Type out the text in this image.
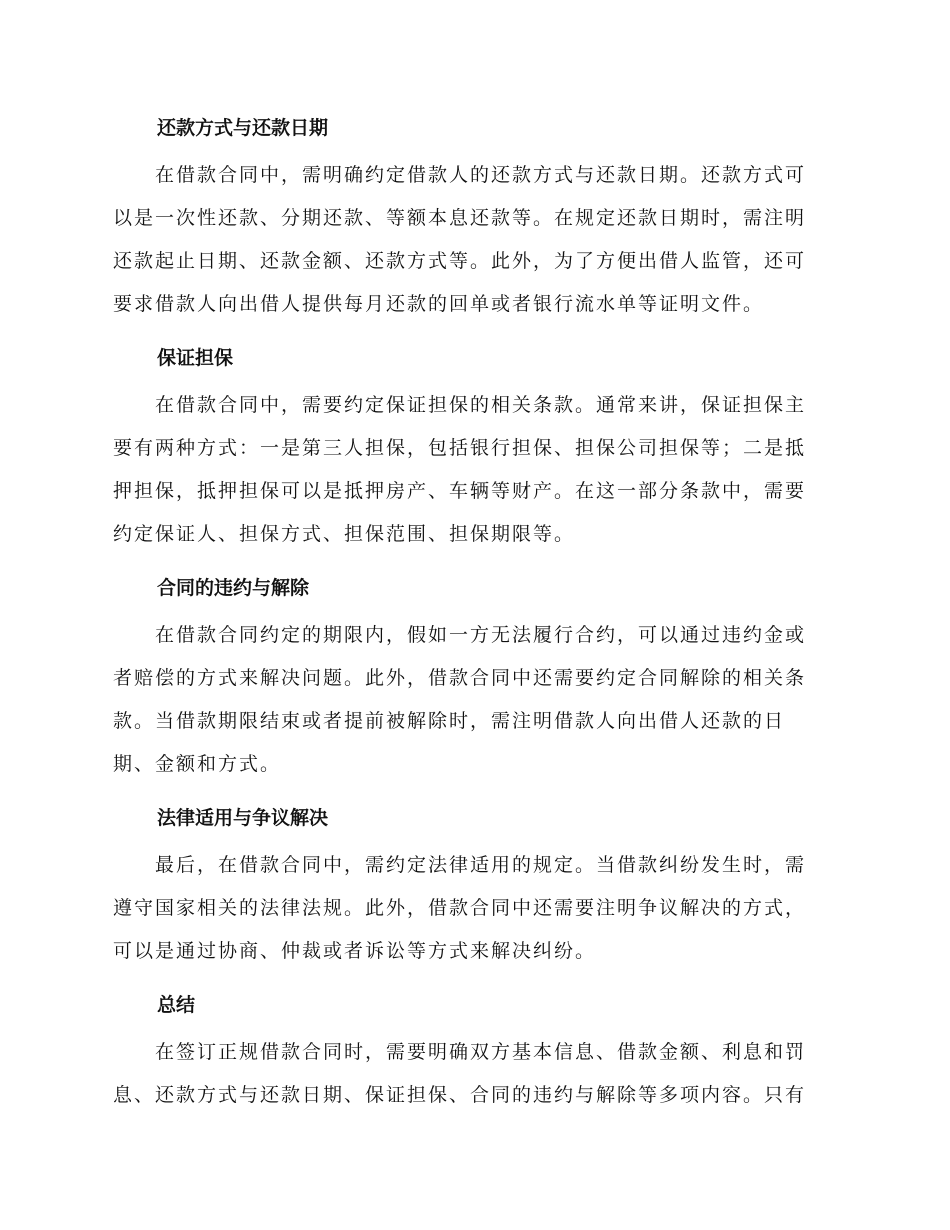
还款方式与还款日期
在借款合同中，需明确约定借款人的还款方式与还款日期。还款方式可
以是一次性还款、分期还款、等额本息还款等。在规定还款日期时，需注明
还款起止日期、还款金额、还款方式等。此外，为了方便出借人监管，还可
要求借款人向出借人提供每月还款的回单或者银行流水单等证明文件。
保证担保
在借款合同中，需要约定保证担保的相关条款。通常来讲，保证担保主
要有两种方式：一是第三人担保，包括银行担保、担保公司担保等；二是抵
押担保，抵押担保可以是抵押房产、车辆等财产。在这一部分条款中，需要
约定保证人、担保方式、担保范围、担保期限等。
合同的违约与解除
在借款合同约定的期限内，假如一方无法履行合约，可以通过违约金或
者赔偿的方式来解决问题。此外，借款合同中还需要约定合同解除的相关条
款。当借款期限结束或者提前被解除时，需注明借款人向出借人还款的日
期、金额和方式。
法律适用与争议解决
最后，在借款合同中，需约定法律适用的规定。当借款纠纷发生时，需
遵守国家相关的法律法规。此外，借款合同中还需要注明争议解决的方式，
可以是通过协商、仲裁或者诉讼等方式来解决纠纷。
总结
在签订正规借款合同时，需要明确双方基本信息、借款金额、利息和罚
息、还款方式与还款日期、保证担保、合同的违约与解除等多项内容。只有
